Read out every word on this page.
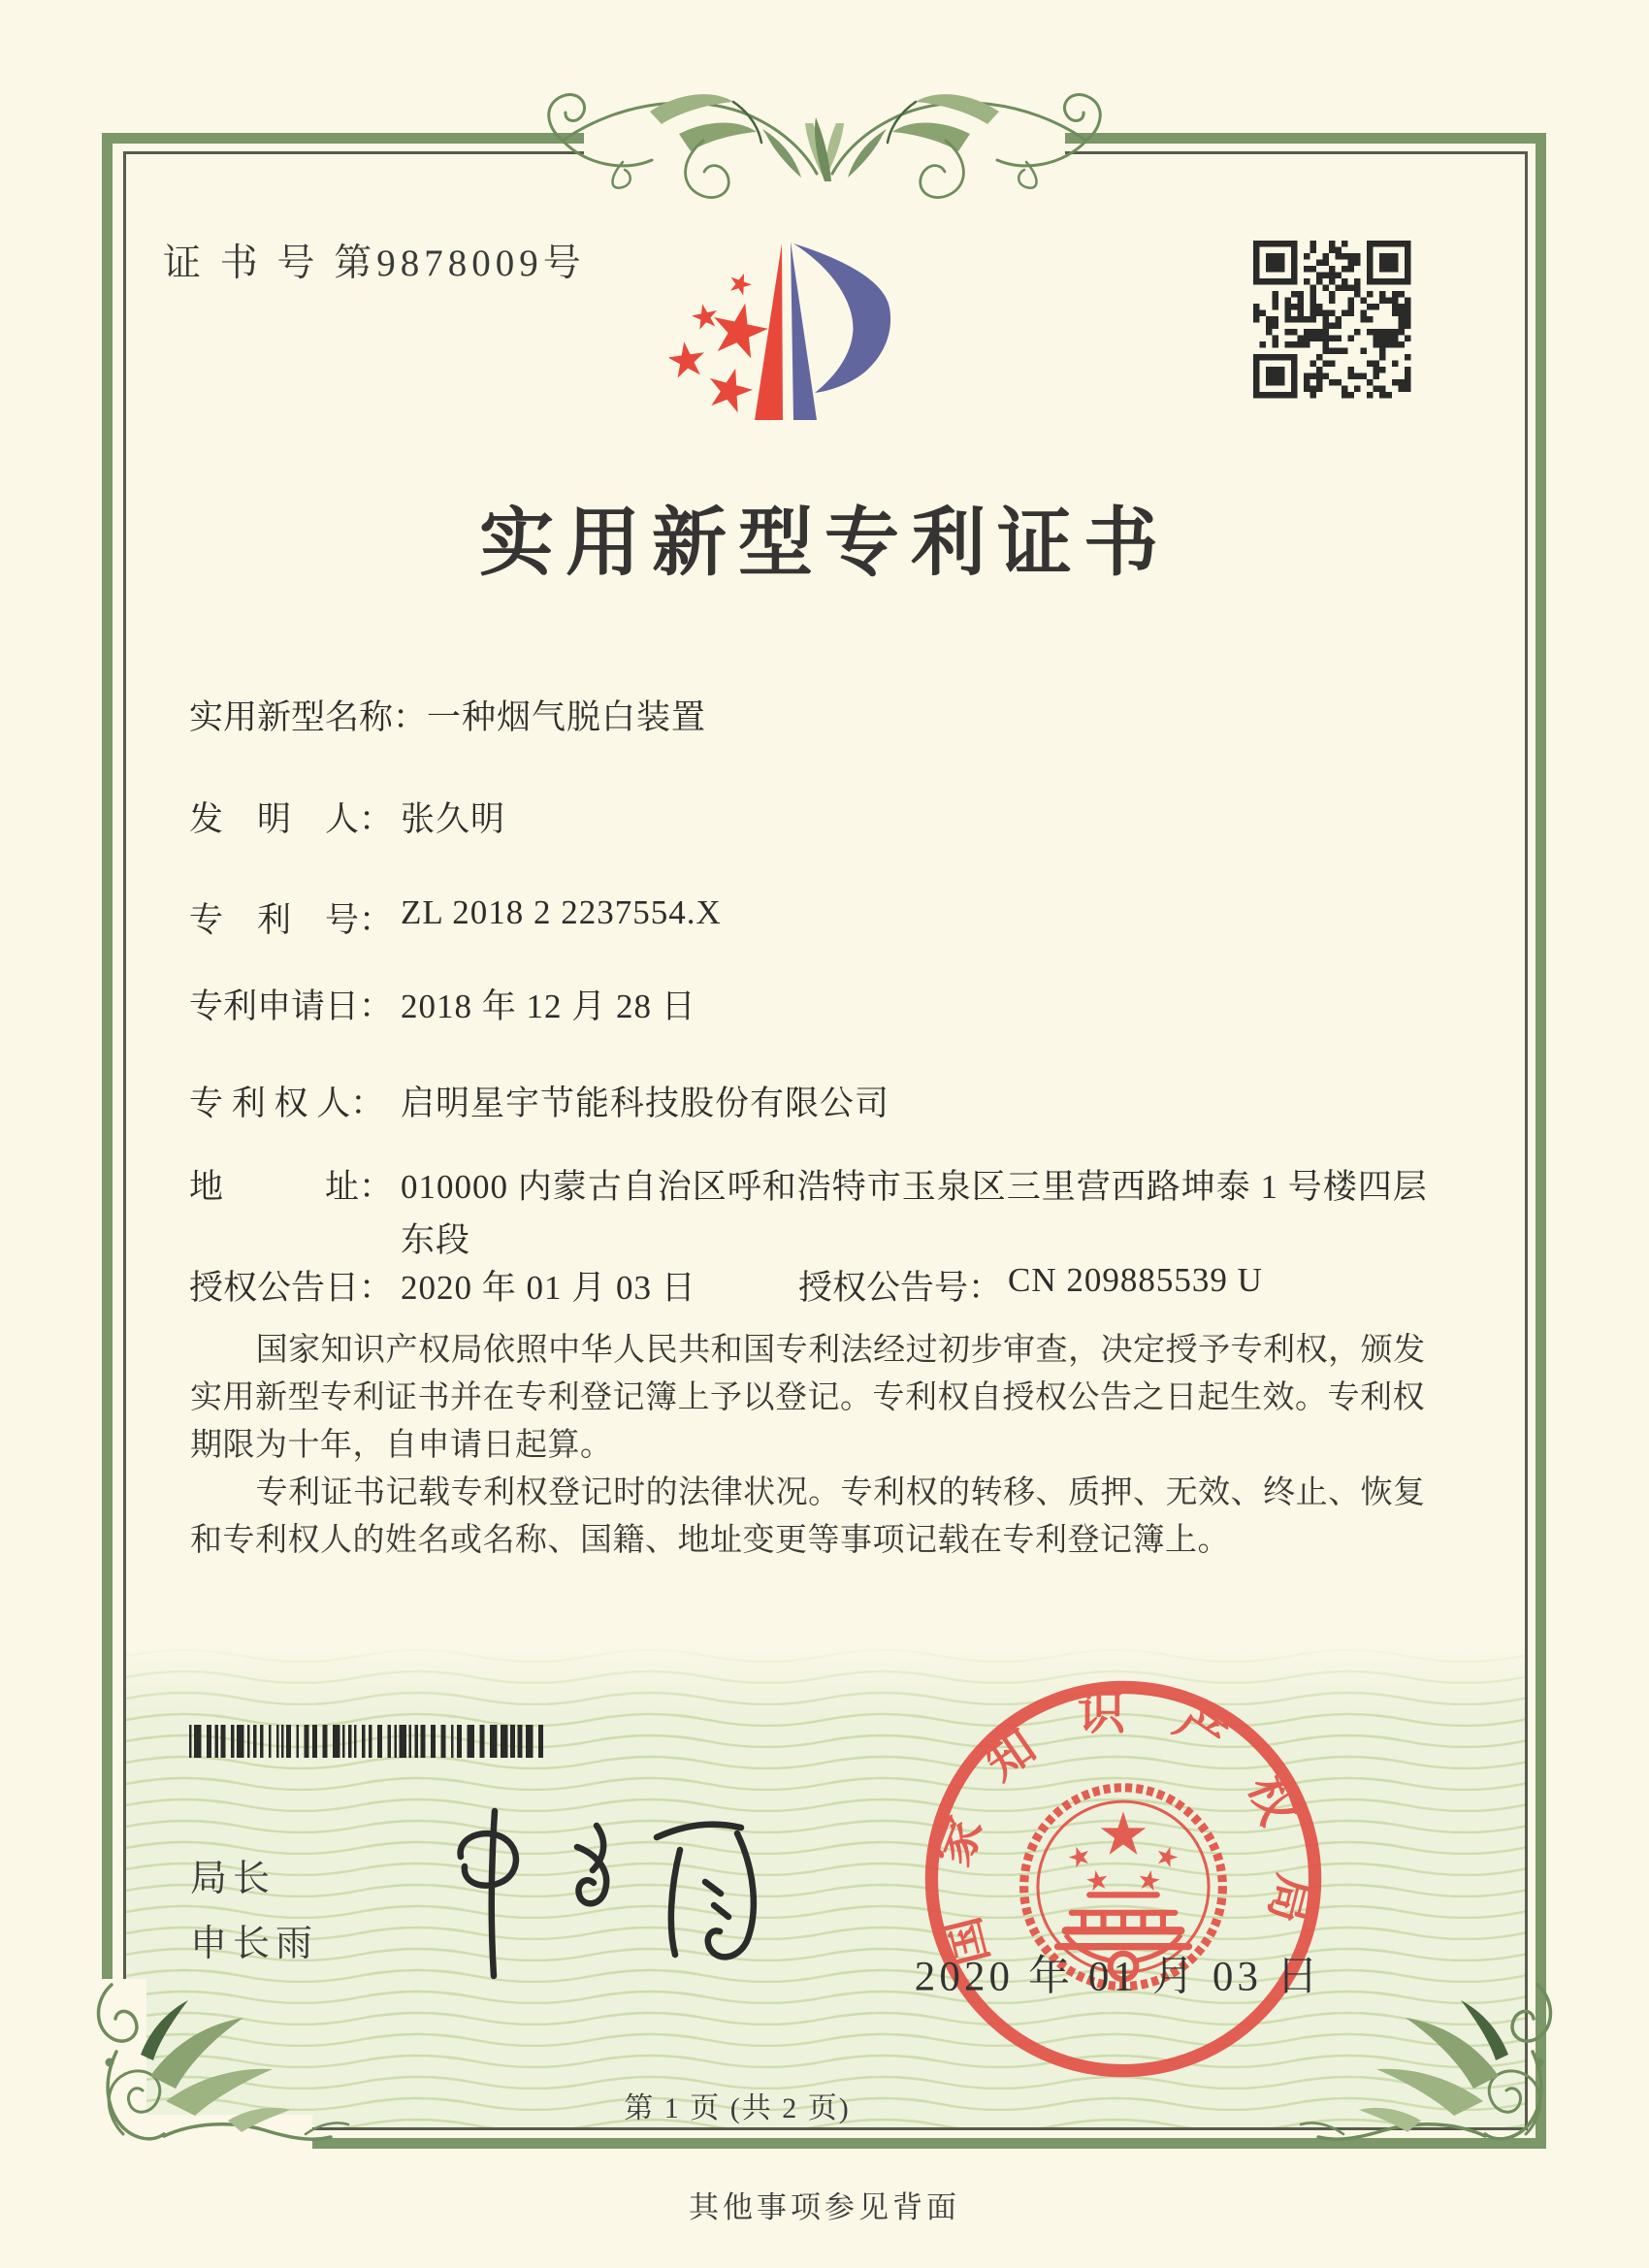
证 书 号 第9878009号
实用新型专利证书
实用新型名称：一种烟气脱白装置
发　明　人： 张久明
专　利　号： ZL 2018 2 2237554.X
专利申请日： 2018 年 12 月 28 日
专 利 权 人： 启明星宇节能科技股份有限公司
地　　　址： 010000 内蒙古自治区呼和浩特市玉泉区三里营西路坤泰 1 号楼四层东段
授权公告日： 2020 年 01 月 03 日	授权公告号： CN 209885539 U

国家知识产权局依照中华人民共和国专利法经过初步审查，决定授予专利权，颁发实用新型专利证书并在专利登记簿上予以登记。专利权自授权公告之日起生效。专利权期限为十年，自申请日起算。

专利证书记载专利权登记时的法律状况。专利权的转移、质押、无效、终止、恢复和专利权人的姓名或名称、国籍、地址变更等事项记载在专利登记簿上。

局长
申长雨	国家知识产权局
2020 年 01 月 03 日
第 1 页 (共 2 页)
其他事项参见背面
